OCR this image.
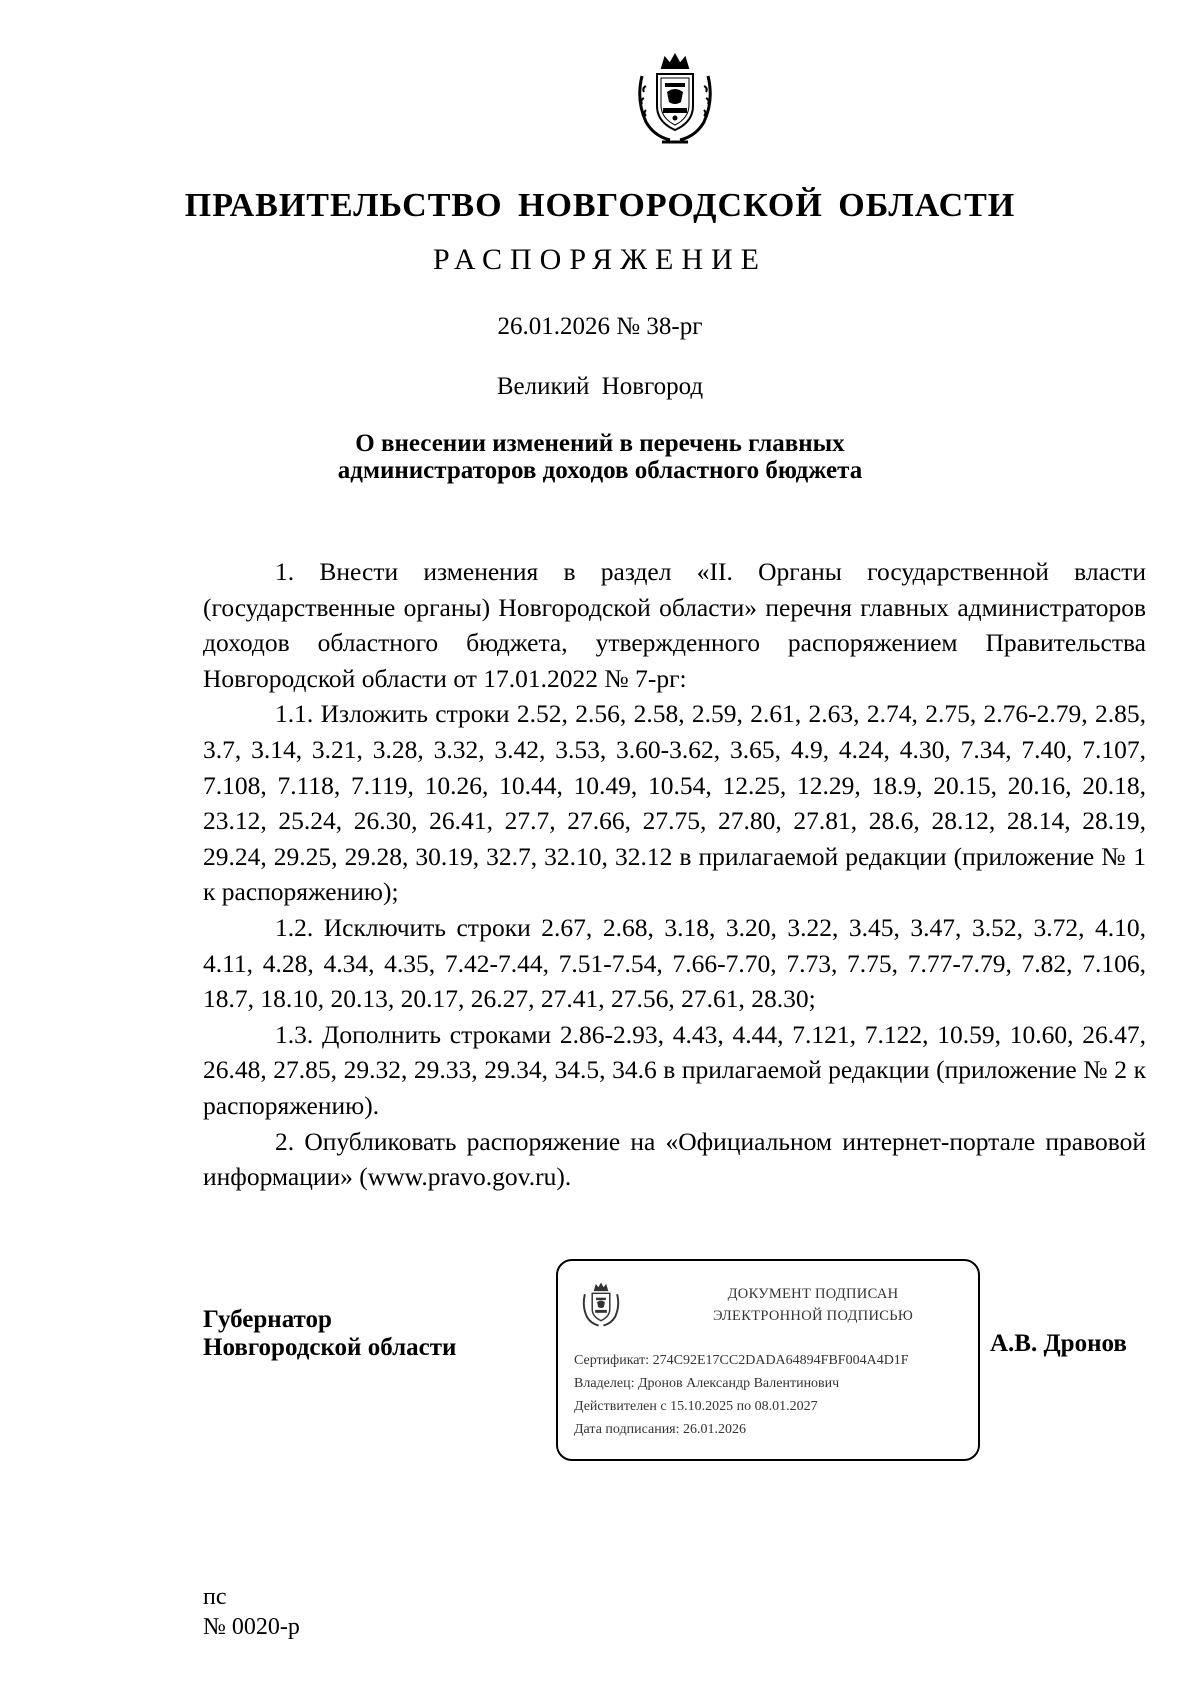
ПРАВИТЕЛЬСТВО НОВГОРОДСКОЙ ОБЛАСТИ
РАСПОРЯЖЕНИЕ
26.01.2026 № 38-рг
Великий Новгород
О внесении изменений в перечень главных
администраторов доходов областного бюджета

1. Внести изменения в раздел «II. Органы государственной власти (государственные органы) Новгородской области» перечня главных администраторов доходов областного бюджета, утвержденного распоряжением Правительства Новгородской области от 17.01.2022 № 7-рг:

1.1. Изложить строки 2.52, 2.56, 2.58, 2.59, 2.61, 2.63, 2.74, 2.75, 2.76-2.79, 2.85, 3.7, 3.14, 3.21, 3.28, 3.32, 3.42, 3.53, 3.60-3.62, 3.65, 4.9, 4.24, 4.30, 7.34, 7.40, 7.107, 7.108, 7.118, 7.119, 10.26, 10.44, 10.49, 10.54, 12.25, 12.29, 18.9, 20.15, 20.16, 20.18, 23.12, 25.24, 26.30, 26.41, 27.7, 27.66, 27.75, 27.80, 27.81, 28.6, 28.12, 28.14, 28.19, 29.24, 29.25, 29.28, 30.19, 32.7, 32.10, 32.12 в прилагаемой редакции (приложение № 1 к распоряжению);

1.2. Исключить строки 2.67, 2.68, 3.18, 3.20, 3.22, 3.45, 3.47, 3.52, 3.72, 4.10, 4.11, 4.28, 4.34, 4.35, 7.42-7.44, 7.51-7.54, 7.66-7.70, 7.73, 7.75, 7.77-7.79, 7.82, 7.106, 18.7, 18.10, 20.13, 20.17, 26.27, 27.41, 27.56, 27.61, 28.30;

1.3. Дополнить строками 2.86-2.93, 4.43, 4.44, 7.121, 7.122, 10.59, 10.60, 26.47, 26.48, 27.85, 29.32, 29.33, 29.34, 34.5, 34.6 в прилагаемой редакции (приложение № 2 к распоряжению).

2. Опубликовать распоряжение на «Официальном интернет-портале правовой информации» (www.pravo.gov.ru).

Губернатор
Новгородской области
ДОКУМЕНТ ПОДПИСАН
ЭЛЕКТРОННОЙ ПОДПИСЬЮ
Сертификат: 274C92E17CC2DADA64894FBF004A4D1F
Владелец: Дронов Александр Валентинович
Действителен с 15.10.2025 по 08.01.2027
Дата подписания: 26.01.2026
А.В. Дронов
пс
№ 0020-р
